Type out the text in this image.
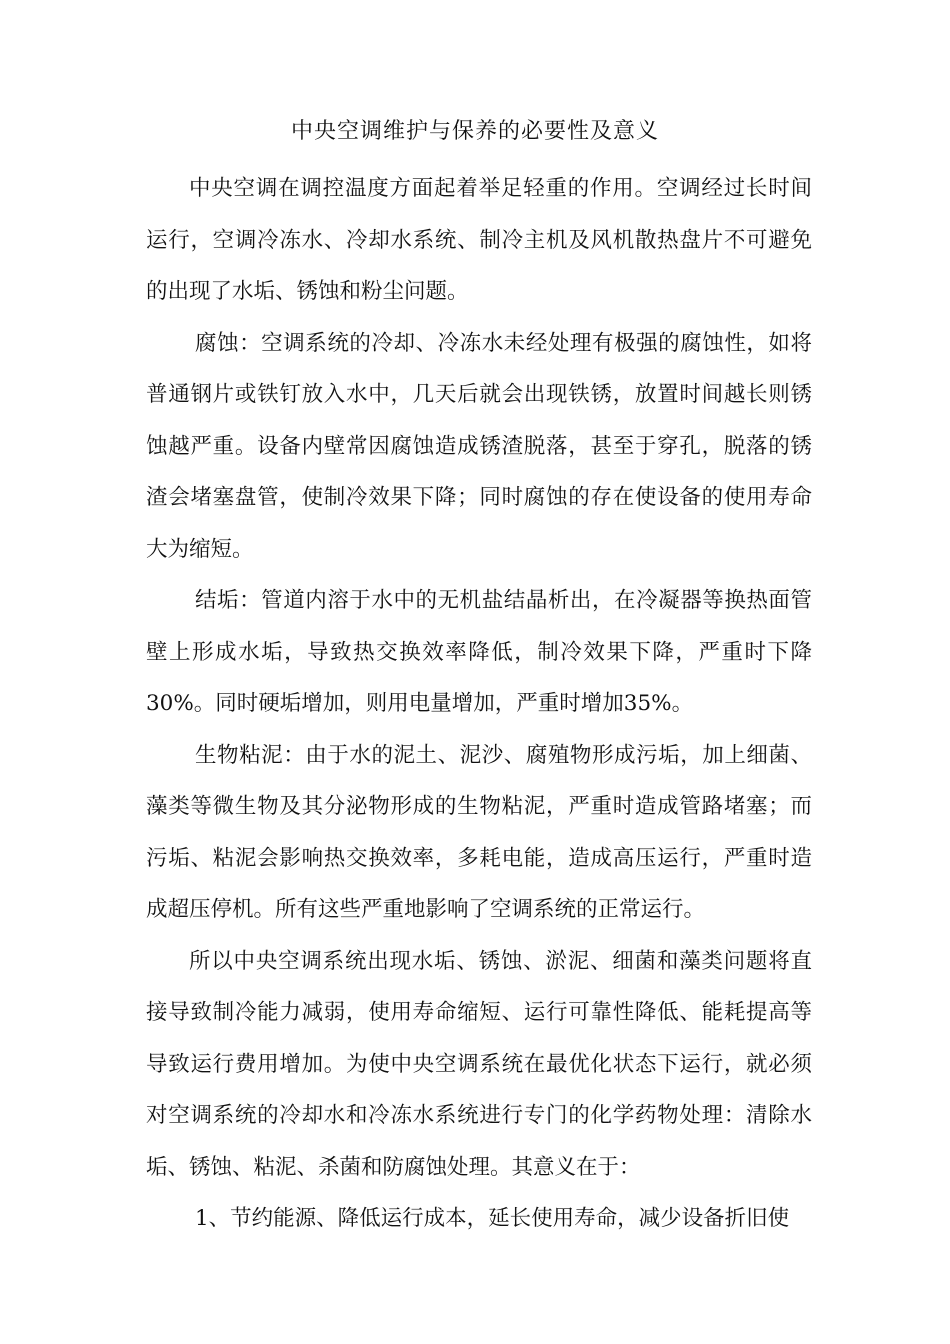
中央空调维护与保养的必要性及意义

中央空调在调控温度方面起着举足轻重的作用。空调经过长时间运行，空调冷冻水、冷却水系统、制冷主机及风机散热盘片不可避免的出现了水垢、锈蚀和粉尘问题。

腐蚀：空调系统的冷却、冷冻水未经处理有极强的腐蚀性，如将普通钢片或铁钉放入水中，几天后就会出现铁锈，放置时间越长则锈蚀越严重。设备内壁常因腐蚀造成锈渣脱落，甚至于穿孔，脱落的锈渣会堵塞盘管，使制冷效果下降；同时腐蚀的存在使设备的使用寿命大为缩短。

结垢：管道内溶于水中的无机盐结晶析出，在冷凝器等换热面管壁上形成水垢，导致热交换效率降低，制冷效果下降，严重时下降30%。同时硬垢增加，则用电量增加，严重时增加35%。

生物粘泥：由于水的泥土、泥沙、腐殖物形成污垢，加上细菌、藻类等微生物及其分泌物形成的生物粘泥，严重时造成管路堵塞；而污垢、粘泥会影响热交换效率，多耗电能，造成高压运行，严重时造成超压停机。所有这些严重地影响了空调系统的正常运行。

所以中央空调系统出现水垢、锈蚀、淤泥、细菌和藻类问题将直接导致制冷能力减弱，使用寿命缩短、运行可靠性降低、能耗提高等导致运行费用增加。为使中央空调系统在最优化状态下运行，就必须对空调系统的冷却水和冷冻水系统进行专门的化学药物处理：清除水垢、锈蚀、粘泥、杀菌和防腐蚀处理。其意义在于：

1、节约能源、降低运行成本，延长使用寿命，减少设备折旧使
